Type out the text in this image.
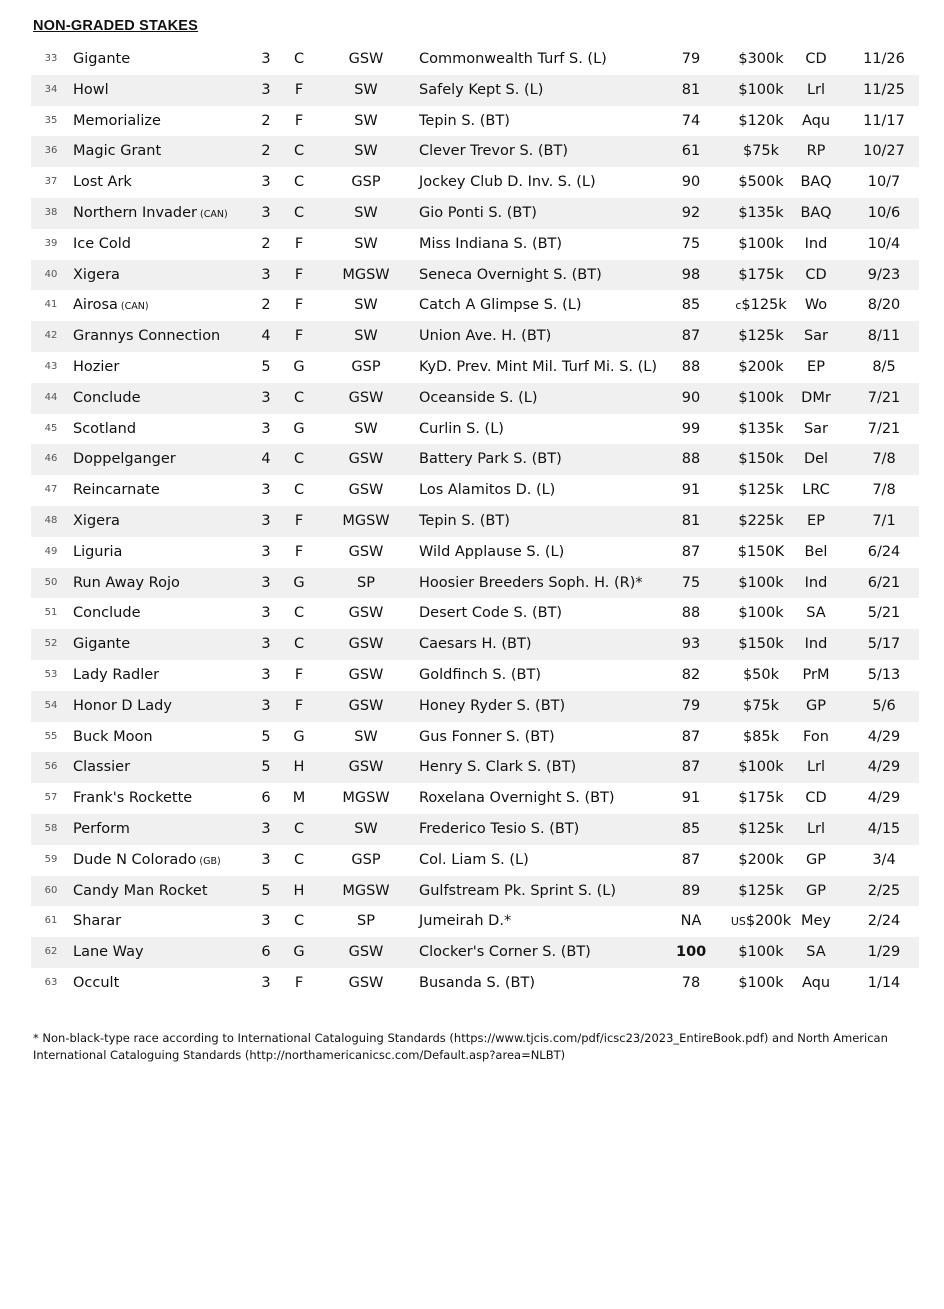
NON-GRADED STAKES
33	Gigante	3	C	GSW	Commonwealth Turf S. (L)	79	$300k	CD	11/26
34	Howl	3	F	SW	Safely Kept S. (L)	81	$100k	Lrl	11/25
35	Memorialize	2	F	SW	Tepin S. (BT)	74	$120k	Aqu	11/17
36	Magic Grant	2	C	SW	Clever Trevor S. (BT)	61	$75k	RP	10/27
37	Lost Ark	3	C	GSP	Jockey Club D. Inv. S. (L)	90	$500k	BAQ	10/7
38	Northern Invader (CAN)	3	C	SW	Gio Ponti S. (BT)	92	$135k	BAQ	10/6
39	Ice Cold	2	F	SW	Miss Indiana S. (BT)	75	$100k	Ind	10/4
40	Xigera	3	F	MGSW	Seneca Overnight S. (BT)	98	$175k	CD	9/23
41	Airosa (CAN)	2	F	SW	Catch A Glimpse S. (L)	85	c$125k	Wo	8/20
42	Grannys Connection	4	F	SW	Union Ave. H. (BT)	87	$125k	Sar	8/11
43	Hozier	5	G	GSP	KyD. Prev. Mint Mil. Turf Mi. S. (L)	88	$200k	EP	8/5
44	Conclude	3	C	GSW	Oceanside S. (L)	90	$100k	DMr	7/21
45	Scotland	3	G	SW	Curlin S. (L)	99	$135k	Sar	7/21
46	Doppelganger	4	C	GSW	Battery Park S. (BT)	88	$150k	Del	7/8
47	Reincarnate	3	C	GSW	Los Alamitos D. (L)	91	$125k	LRC	7/8
48	Xigera	3	F	MGSW	Tepin S. (BT)	81	$225k	EP	7/1
49	Liguria	3	F	GSW	Wild Applause S. (L)	87	$150K	Bel	6/24
50	Run Away Rojo	3	G	SP	Hoosier Breeders Soph. H. (R)*	75	$100k	Ind	6/21
51	Conclude	3	C	GSW	Desert Code S. (BT)	88	$100k	SA	5/21
52	Gigante	3	C	GSW	Caesars H. (BT)	93	$150k	Ind	5/17
53	Lady Radler	3	F	GSW	Goldfinch S. (BT)	82	$50k	PrM	5/13
54	Honor D Lady	3	F	GSW	Honey Ryder S. (BT)	79	$75k	GP	5/6
55	Buck Moon	5	G	SW	Gus Fonner S. (BT)	87	$85k	Fon	4/29
56	Classier	5	H	GSW	Henry S. Clark S. (BT)	87	$100k	Lrl	4/29
57	Frank's Rockette	6	M	MGSW	Roxelana Overnight S. (BT)	91	$175k	CD	4/29
58	Perform	3	C	SW	Frederico Tesio S. (BT)	85	$125k	Lrl	4/15
59	Dude N Colorado (GB)	3	C	GSP	Col. Liam S. (L)	87	$200k	GP	3/4
60	Candy Man Rocket	5	H	MGSW	Gulfstream Pk. Sprint S. (L)	89	$125k	GP	2/25
61	Sharar	3	C	SP	Jumeirah D.*	NA	US$200k Mey	2/24
62	Lane Way	6	G	GSW	Clocker's Corner S. (BT)	100	$100k	SA	1/29
63	Occult	3	F	GSW	Busanda S. (BT)	78	$100k	Aqu	1/14
* Non-black-type race according to International Cataloguing Standards (https://www.tjcis.com/pdf/icsc23/2023_EntireBook.pdf) and North American International Cataloguing Standards (http://northamericanicsc.com/Default.asp?area=NLBT)
